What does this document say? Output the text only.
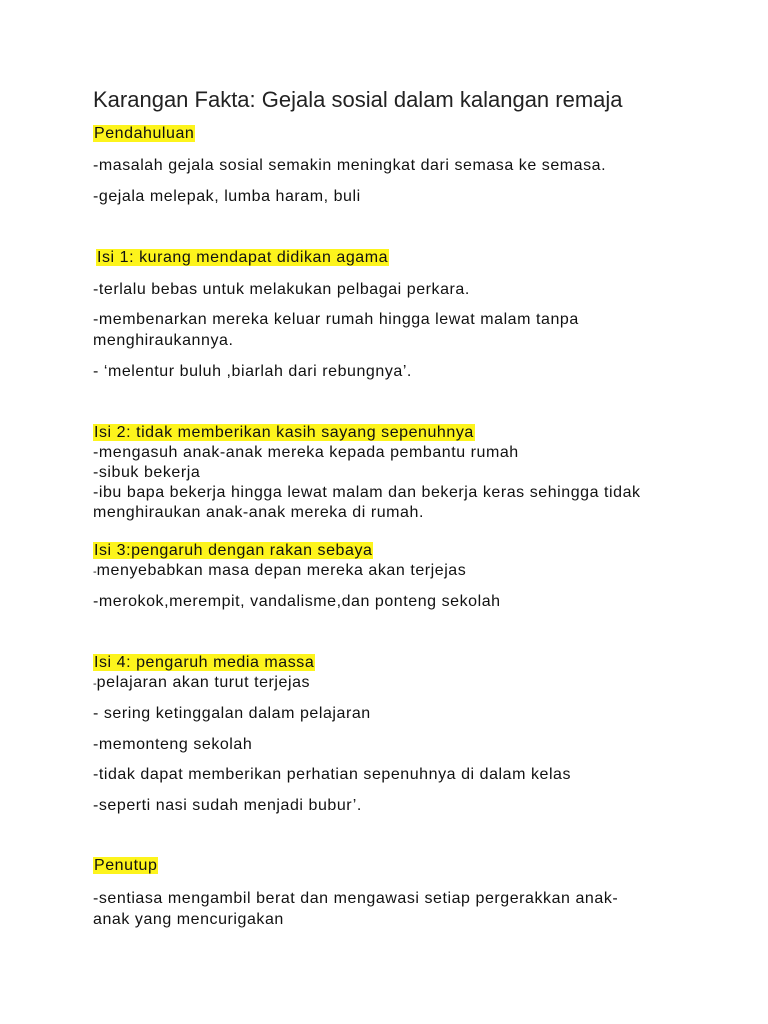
Karangan Fakta: Gejala sosial dalam kalangan remaja

Pendahuluan

-masalah gejala sosial semakin meningkat dari semasa ke semasa.

-gejala melepak, lumba haram, buli

Isi 1: kurang mendapat didikan agama

-terlalu bebas untuk melakukan pelbagai perkara.

-membenarkan mereka keluar rumah hingga lewat malam tanpa

menghiraukannya.

- ‘melentur buluh ,biarlah dari rebungnya’.

Isi 2: tidak memberikan kasih sayang sepenuhnya

-mengasuh anak-anak mereka kepada pembantu rumah

-sibuk bekerja

-ibu bapa bekerja hingga lewat malam dan bekerja keras sehingga tidak

menghiraukan anak-anak mereka di rumah.

Isi 3:pengaruh dengan rakan sebaya

-menyebabkan masa depan mereka akan terjejas

-merokok,merempit, vandalisme,dan ponteng sekolah

Isi 4: pengaruh media massa

-pelajaran akan turut terjejas

- sering ketinggalan dalam pelajaran

-memonteng sekolah

-tidak dapat memberikan perhatian sepenuhnya di dalam kelas

-seperti nasi sudah menjadi bubur’.

Penutup

-sentiasa mengambil berat dan mengawasi setiap pergerakkan anak-

anak yang mencurigakan
